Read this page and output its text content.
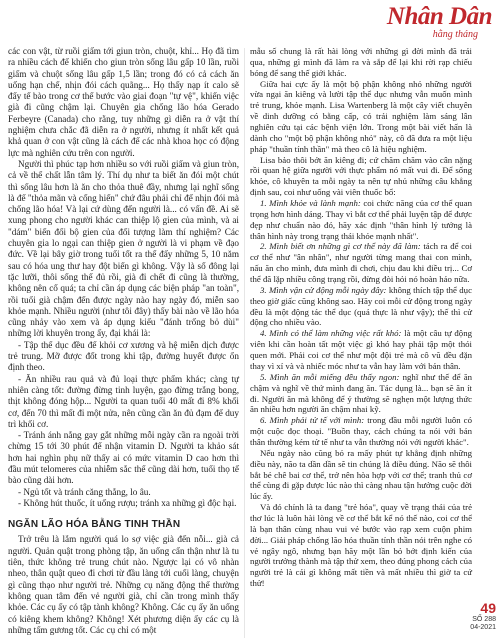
Nhân Dân
hằng tháng

các con vật, từ ruồi giấm tới giun tròn, chuột, khỉ... Họ đã tìm ra nhiều cách để khiến cho giun tròn sống lâu gấp 10 lần, ruồi giấm và chuột sống lâu gấp 1,5 lần; trong đó có cả cách ăn uống hạn chế, nhịn đói cách quãng... Họ thấy nạp ít calo sẽ đẩy tế bào trong cơ thể bước vào giai đoạn "tự vệ", khiến việc già đi cũng chậm lại. Chuyên gia chống lão hóa Gerado Ferbeyre (Canada) cho rằng, tuy những gì diễn ra ở vật thí nghiệm chưa chắc đã diễn ra ở người, nhưng ít nhất kết quả khả quan ở con vật cũng là cách để các nhà khoa học có động lực mà nghiên cứu trên con người.

Người thì phúc tạp hơn nhiều so với ruồi giấm và giun tròn, cả về thể chất lẫn tâm lý. Thí dụ như ta biết ăn đói một chút thì sống lâu hơn là ăn cho thỏa thuê đầy, nhưng lại nghĩ sống là để "thỏa mãn và cống hiến" chứ đâu phải chỉ để nhịn đói mà chống lão hóa! Và lại cứ dùng đến người là... có vấn đề. Ai sẽ xung phong cho người khác can thiệp lộ gien của mình, và ai "dám" biến đổi bộ gien của đối tượng làm thí nghiệm? Các chuyên gia lo ngại can thiệp gien ở người là vi phạm về đạo đức. Về lại bây giờ trong tuổi tốt ra thể đấy những 5, 10 năm sau có hóa ung thư hay đột biến gì không. Vậy là số đông lại tặc lưỡi, thôi sống thế đủ rồi, già đi chết đi cũng là thường, không nên cố quá; ta chỉ cần áp dụng các biện pháp "an toàn", rồi tuổi già chậm đến được ngày nào hay ngày đó, miễn sao khỏe mạnh. Nhiều người (như tôi đây) thấy bài nào về lão hóa cũng nhảy vào xem và áp dụng kiểu "đánh trống bỏ dùi" những lời khuyên trong ấy, đại khái là:

- Tập thể dục đều để khỏi cơ xương và hệ miễn dịch được trẻ trung. Mỡ được đốt trong khi tập, đường huyết được ổn định theo.

- Ăn nhiều rau quả và đủ loại thực phẩm khác; càng tự nhiên càng tốt: đường đừng tinh luyện, gạo đừng trắng bong, thịt không đóng hộp... Người ta quan tuổi 40 mất đi 8% khối cơ, đến 70 thì mất đi một nửa, nên cũng cần ăn đủ đạm để duy trì khối cơ.

- Tránh ánh nắng gay gắt những mỗi ngày cần ra ngoài trời chừng 15 tới 30 phút để nhận vitamin D. Người ta khảo sát hơn hai nghìn phụ nữ thấy ai có mức vitamin D cao hơn thì đầu mút telomeres của nhiễm sắc thể cũng dài hơn, tuổi thọ tế bào cũng dài hơn.

- Ngủ tốt và tránh căng thẳng, lo âu.

- Không hút thuốc, ít uống rượu; tránh xa những gì độc hại.

NGĂN LÃO HÓA BẰNG TINH THẦN

Trở trêu là lắm người quá lo sợ việc già đến nỗi... già cả người. Quản quật trong phòng tập, ăn uống cẩn thận như là tu tiên, thức không trẻ trung chút nào. Ngược lại có vô nhàn nheo, thân quật queo đi chơi từ đầu làng tới cuối làng, chuyện gì cũng thạo như người trẻ. Những cụ năng động thể thường không quan tâm đến vẻ người già, chỉ cần trong mình thấy khỏe. Các cụ ấy có tập tành không? Không. Các cụ ấy ăn uống có kiêng khem không? Không! Xét phương diện ấy các cụ là những tấm gương tốt. Các cụ chỉ có một

mẫu số chung là rất hài lòng với những gì đời mình đã trải qua, những gì mình đã làm ra và sắp để lại khi rời rạp chiếu bóng để sang thế giới khác.

Giữa hai cực ấy là một bộ phận không nhỏ những người vừa ngại ăn kiêng và lười tập thể dục nhưng vẫn muốn mình trẻ trung, khỏe mạnh. Lisa Wartenberg là một cây viết chuyên về dinh dưỡng có bằng cấp, có trải nghiệm làm sáng lân nghiên cứu tại các bệnh viện lớn. Trong một bài viết hấn là dành cho "một bộ phận không nhỏ" này, cô đã đưa ra một liệu pháp "thuần tính thần" mà theo cô là hiệu nghiệm.

Lisa bảo thôi bớt ăn kiêng đi; cứ chăm chăm vào cân nặng rồi quan hệ giữa người với thực phẩm nó mất vui đi. Để sống khỏe, cô khuyên ta mỗi ngày ta nên tự nhủ những câu khẳng định sau, coi như uống vài viên thuốc bổ:

1. Mình khỏe và lành mạnh: coi chức năng của cơ thể quan trọng hơn hình dáng. Thay vì bắt cơ thể phải luyện tập để được đẹp như chuẩn nào đó, hãy xác định "thân hình lý tưởng là thân hình này trong trạng thái khỏe mạnh nhất".

2. Mình biết ơn những gì cơ thể này đã làm: tách ra để coi cơ thể như "ân nhân", như người từng mang thai con mình, nấu ăn cho mình, đưa mình đi chơi, chịu đau khi điều trị... Cơ thể đã lặp nhiều công trạng rồi, đừng đòi hỏi nó hoàn hảo nữa.

3. Mình vận cử động mỗi ngày đây: không thích tập thể dục theo giờ giấc cũng không sao. Hãy coi mỗi cử động trong ngày đều là một động tác thể dục (quả thực là như vậy); thế thì cử động cho nhiều vào.

4. Mình có thể làm những việc rất khó: là một câu tự động viên khi cần hoàn tất một việc gì khó hay phải tập một thói quen mới. Phải coi cơ thể như một đội trẻ mà cô vũ đều đặn thay vì xỉ và và nhiếc móc như ta vẫn hay làm với bản thân.

5. Mình ăn mỗi miếng đều thấy ngon: nghĩ như thế để ăn chậm và nghĩ về thứ mình đang ăn. Tác dụng là... bạn sẽ ăn ít đi. Người ăn mà không để ý thường sẽ nghẹn một lượng thức ăn nhiều hơn người ăn chậm nhai kỹ.

6. Mình phải tử tế với mình: trong đầu mỗi người luôn có một cuộc đọc thoại. "Buồn thay, cách chúng ta nói với bản thân thường kém tử tế như ta vẫn thường nói với người khác".

Nếu ngày nào cũng bỏ ra mấy phút tự khẳng định những điều này, não ta dần dần sẽ tin chúng là điều đúng. Não sẽ thôi bắt bẻ chê bai cơ thể, trở nên hòa hợp với cơ thể; tranh thủ cơ thể cùng đi gặp được lúc nào thì càng nhau tận hưởng cuộc đời lúc ấy.

Và đó chính là ta đang "trẻ hóa", quay về trạng thái của trẻ thơ lúc là luôn hài lòng về cơ thể bắt kể nó thế nào, coi cơ thể là bạn thân cùng nhau vui vẻ bước vào rạp xem cuộn phim đời... Giải pháp chống lão hóa thuần tính thần nói trên nghe có vẻ ngây ngô, nhưng bạn hãy một lần bỏ bớt định kiến của người trưởng thành mà tập thử xem, theo đúng phong cách của người trẻ là cái gì không mất tiền và mất nhiều thì giờ ta cứ thử!

49
SỐ 288
04-2021
